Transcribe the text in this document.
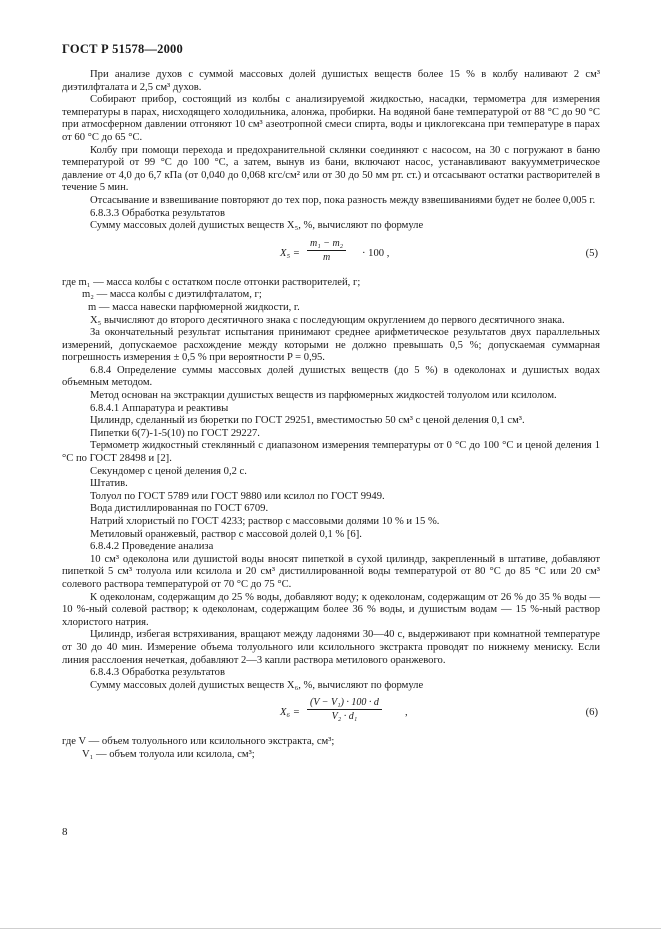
ГОСТ Р 51578—2000

При анализе духов с суммой массовых долей душистых веществ более 15 % в колбу наливают 2 см³ диэтилфталата и 2,5 см³ духов.

Собирают прибор, состоящий из колбы с анализируемой жидкостью, насадки, термометра для измерения температуры в парах, нисходящего холодильника, алонжа, пробирки. На водяной бане температурой от 88 °С до 90 °С при атмосферном давлении отгоняют 10 см³ азеотропной смеси спирта, воды и циклогексана при температуре в парах от 60 °С до 65 °С.

Колбу при помощи перехода и предохранительной склянки соединяют с насосом, на 30 с погружают в баню температурой от 99 °С до 100 °С, а затем, вынув из бани, включают насос, устанавливают вакуумметрическое давление от 4,0 до 6,7 кПа (от 0,040 до 0,068 кгс/см² или от 30 до 50 мм рт. ст.) и отсасывают остатки растворителей в течение 5 мин.

Отсасывание и взвешивание повторяют до тех пор, пока разность между взвешиваниями будет не более 0,005 г.

6.8.3.3 Обработка результатов

Сумму массовых долей душистых веществ X₅, %, вычисляют по формуле

$X_5 = \frac{\text{m₁ − m₂}}{m} \cdot 100$ ,	(5)

где m₁ — масса колбы с остатком после отгонки растворителей, г;

m₂ — масса колбы с диэтилфталатом, г;

m — масса навески парфюмерной жидкости, г.

X₅ вычисляют до второго десятичного знака с последующим округлением до первого десятичного знака.

За окончательный результат испытания принимают среднее арифметическое результатов двух параллельных измерений, допускаемое расхождение между которыми не должно превышать 0,5 %; допускаемая суммарная погрешность измерения ± 0,5 % при вероятности P = 0,95.

6.8.4 Определение суммы массовых долей душистых веществ (до 5 %) в одеколонах и душистых водах объемным методом.

Метод основан на экстракции душистых веществ из парфюмерных жидкостей толуолом или ксилолом.

6.8.4.1 Аппаратура и реактивы

Цилиндр, сделанный из бюретки по ГОСТ 29251, вместимостью 50 см³ с ценой деления 0,1 см³.

Пипетки 6(7)-1-5(10) по ГОСТ 29227.

Термометр жидкостный стеклянный с диапазоном измерения температуры от 0 °С до 100 °С и ценой деления 1 °С по ГОСТ 28498 и [2].

Секундомер с ценой деления 0,2 с.

Штатив.

Толуол по ГОСТ 5789 или ГОСТ 9880 или ксилол по ГОСТ 9949.

Вода дистиллированная по ГОСТ 6709.

Натрий хлористый по ГОСТ 4233; раствор с массовыми долями 10 % и 15 %.

Метиловый оранжевый, раствор с массовой долей 0,1 % [6].

6.8.4.2 Проведение анализа

10 см³ одеколона или душистой воды вносят пипеткой в сухой цилиндр, закрепленный в штативе, добавляют пипеткой 5 см³ толуола или ксилола и 20 см³ дистиллированной воды температурой от 80 °С до 85 °С или 20 см³ солевого раствора температурой от 70 °С до 75 °С.

К одеколонам, содержащим до 25 % воды, добавляют воду; к одеколонам, содержащим от 26 % до 35 % воды — 10 %-ный солевой раствор; к одеколонам, содержащим более 36 % воды, и душистым водам — 15 %-ный раствор хлористого натрия.

Цилиндр, избегая встряхивания, вращают между ладонями 30—40 с, выдерживают при комнатной температуре от 30 до 40 мин. Измерение объема толуольного или ксилольного экстракта проводят по нижнему мениску. Если линия расслоения нечеткая, добавляют 2—3 капли раствора метилового оранжевого.

6.8.4.3 Обработка результатов

Сумму массовых долей душистых веществ X₆, %, вычисляют по формуле

$X_6 = \frac{\text{(V − V₁) · 100 · d}}{\text{V₂ · d₁}}$ ,	(6)

где V — объем толуольного или ксилольного экстракта, см³;

V₁ — объем толуола или ксилола, см³;

8
